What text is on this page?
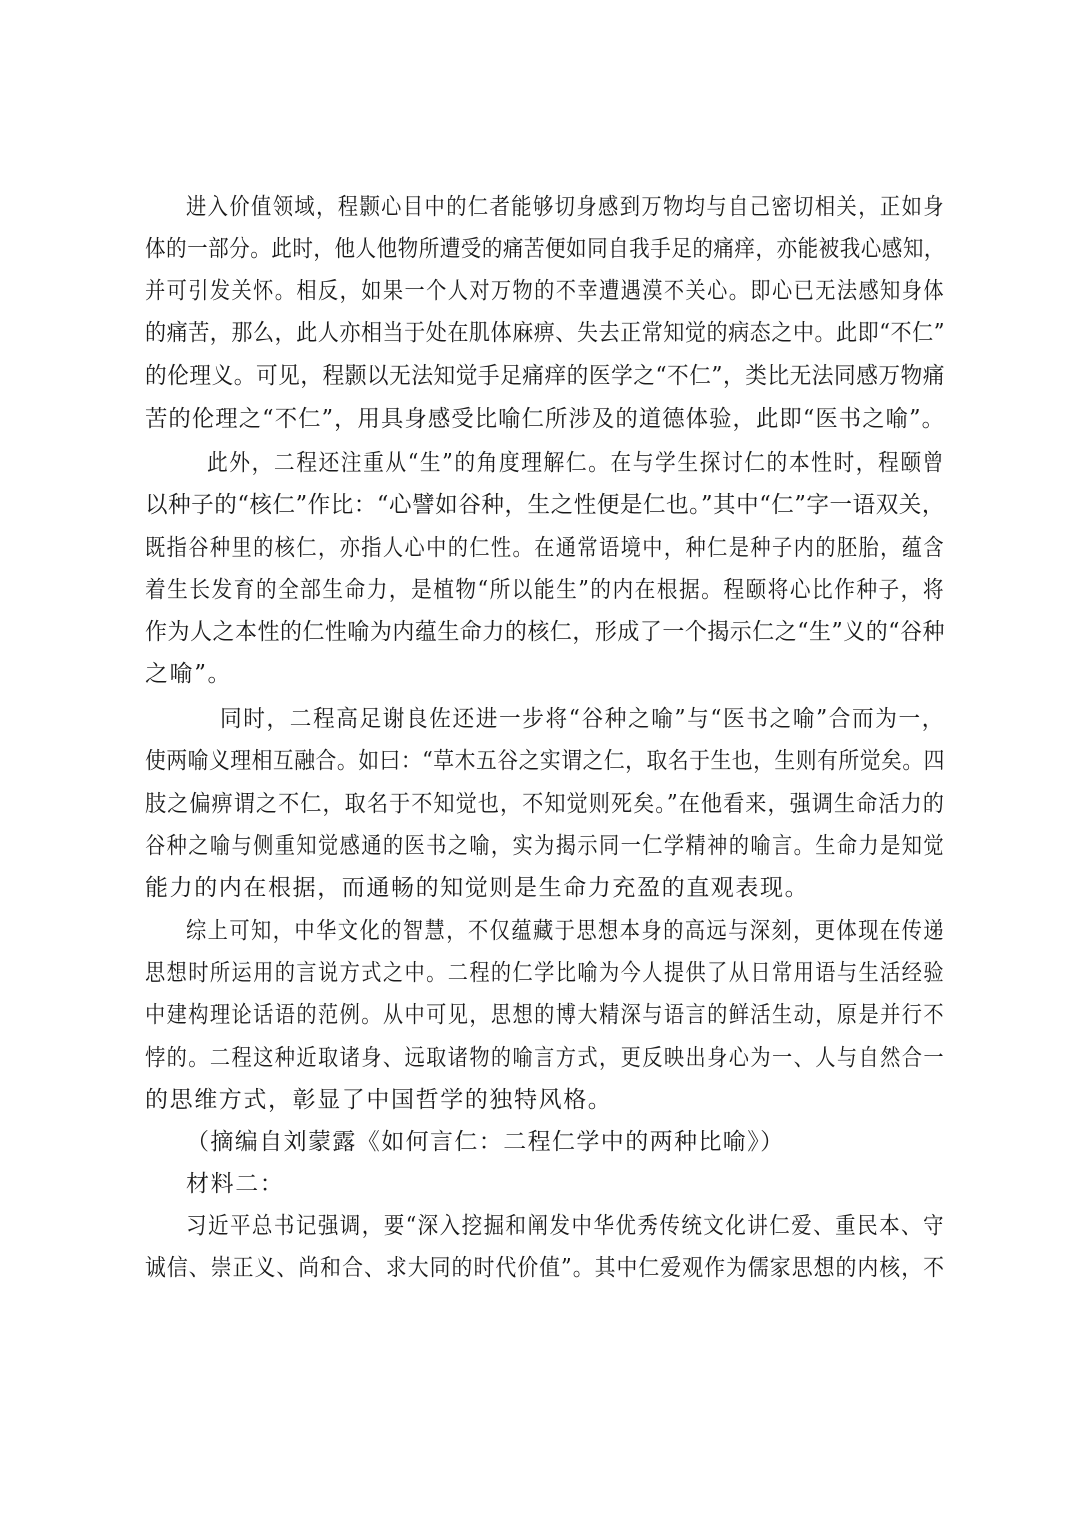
进入价值领域，程颢心目中的仁者能够切身感到万物均与自己密切相关，正如身
体的一部分。此时，他人他物所遭受的痛苦便如同自我手足的痛痒，亦能被我心感知，
并可引发关怀。相反，如果一个人对万物的不幸遭遇漠不关心。即心已无法感知身体
的痛苦，那么，此人亦相当于处在肌体麻痹、失去正常知觉的病态之中。此即“不仁”
的伦理义。可见，程颢以无法知觉手足痛痒的医学之“不仁”，类比无法同感万物痛
苦的伦理之“不仁”，用具身感受比喻仁所涉及的道德体验，此即“医书之喻”。
此外，二程还注重从“生”的角度理解仁。在与学生探讨仁的本性时，程颐曾
以种子的“核仁”作比：“心譬如谷种，生之性便是仁也。”其中“仁”字一语双关，
既指谷种里的核仁，亦指人心中的仁性。在通常语境中，种仁是种子内的胚胎，蕴含
着生长发育的全部生命力，是植物“所以能生”的内在根据。程颐将心比作种子，将
作为人之本性的仁性喻为内蕴生命力的核仁，形成了一个揭示仁之“生”义的“谷种
之喻”。
同时，二程高足谢良佐还进一步将“谷种之喻”与“医书之喻”合而为一，
使两喻义理相互融合。如曰：“草木五谷之实谓之仁，取名于生也，生则有所觉矣。四
肢之偏痹谓之不仁，取名于不知觉也，不知觉则死矣。”在他看来，强调生命活力的
谷种之喻与侧重知觉感通的医书之喻，实为揭示同一仁学精神的喻言。生命力是知觉
能力的内在根据，而通畅的知觉则是生命力充盈的直观表现。
综上可知，中华文化的智慧，不仅蕴藏于思想本身的高远与深刻，更体现在传递
思想时所运用的言说方式之中。二程的仁学比喻为今人提供了从日常用语与生活经验
中建构理论话语的范例。从中可见，思想的博大精深与语言的鲜活生动，原是并行不
悖的。二程这种近取诸身、远取诸物的喻言方式，更反映出身心为一、人与自然合一
的思维方式，彰显了中国哲学的独特风格。
（摘编自刘蒙露《如何言仁：二程仁学中的两种比喻》）
材料二：
习近平总书记强调，要“深入挖掘和阐发中华优秀传统文化讲仁爱、重民本、守
诚信、崇正义、尚和合、求大同的时代价值”。其中仁爱观作为儒家思想的内核，不
